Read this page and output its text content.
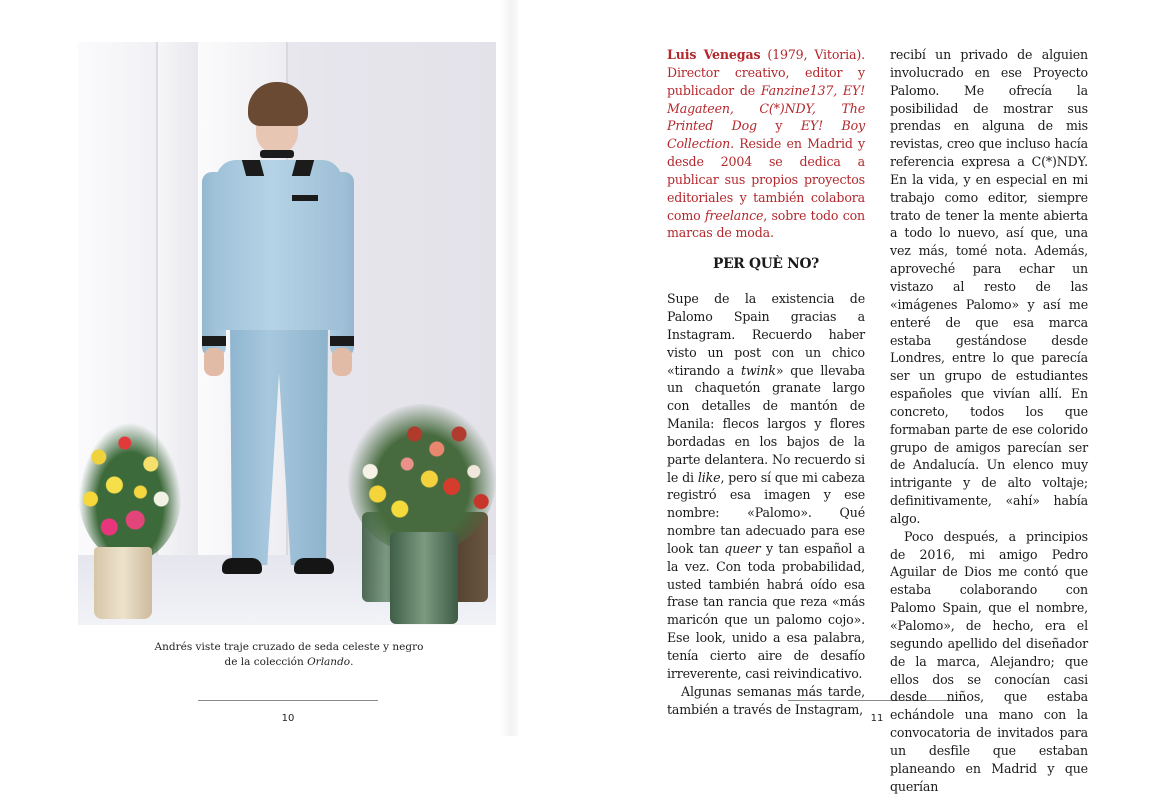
Andrés viste traje cruzado de seda celeste y negro de la colección Orlando.
10	11

Luis Venegas (1979, Vitoria). Director creativo, editor y publicador de Fanzine137, EY! Magateen, C(*)NDY, The Printed Dog y EY! Boy Collection. Reside en Madrid y desde 2004 se dedica a publicar sus propios proyectos editoriales y también colabora como freelance, sobre todo con marcas de moda.

PER QUÈ NO?

Supe de la existencia de Palomo Spain gracias a Instagram. Recuerdo haber visto un post con un chico «tirando a twink» que llevaba un chaquetón granate largo con detalles de mantón de Manila: flecos largos y flores bordadas en los bajos de la parte delantera. No recuerdo si le di like, pero sí que mi cabeza registró esa imagen y ese nombre: «Palomo». Qué nombre tan adecuado para ese look tan queer y tan español a la vez. Con toda probabilidad, usted también habrá oído esa frase tan rancia que reza «más maricón que un palomo cojo». Ese look, unido a esa palabra, tenía cierto aire de desafío irreverente, casi reivindicativo.

Algunas semanas más tarde, también a través de Instagram,

recibí un privado de alguien involucrado en ese Proyecto Palomo. Me ofrecía la posibilidad de mostrar sus prendas en alguna de mis revistas, creo que incluso hacía referencia expresa a C(*)NDY. En la vida, y en especial en mi trabajo como editor, siempre trato de tener la mente abierta a todo lo nuevo, así que, una vez más, tomé nota. Además, aproveché para echar un vistazo al resto de las «imágenes Palomo» y así me enteré de que esa marca estaba gestándose desde Londres, entre lo que parecía ser un grupo de estudiantes españoles que vivían allí. En concreto, todos los que formaban parte de ese colorido grupo de amigos parecían ser de Andalucía. Un elenco muy intrigante y de alto voltaje; definitivamente, «ahí» había algo.

Poco después, a principios de 2016, mi amigo Pedro Aguilar de Dios me contó que estaba colaborando con Palomo Spain, que el nombre, «Palomo», de hecho, era el segundo apellido del diseñador de la marca, Alejandro; que ellos dos se conocían casi desde niños, que estaba echándole una mano con la convocatoria de invitados para un desfile que estaban planeando en Madrid y que querían
